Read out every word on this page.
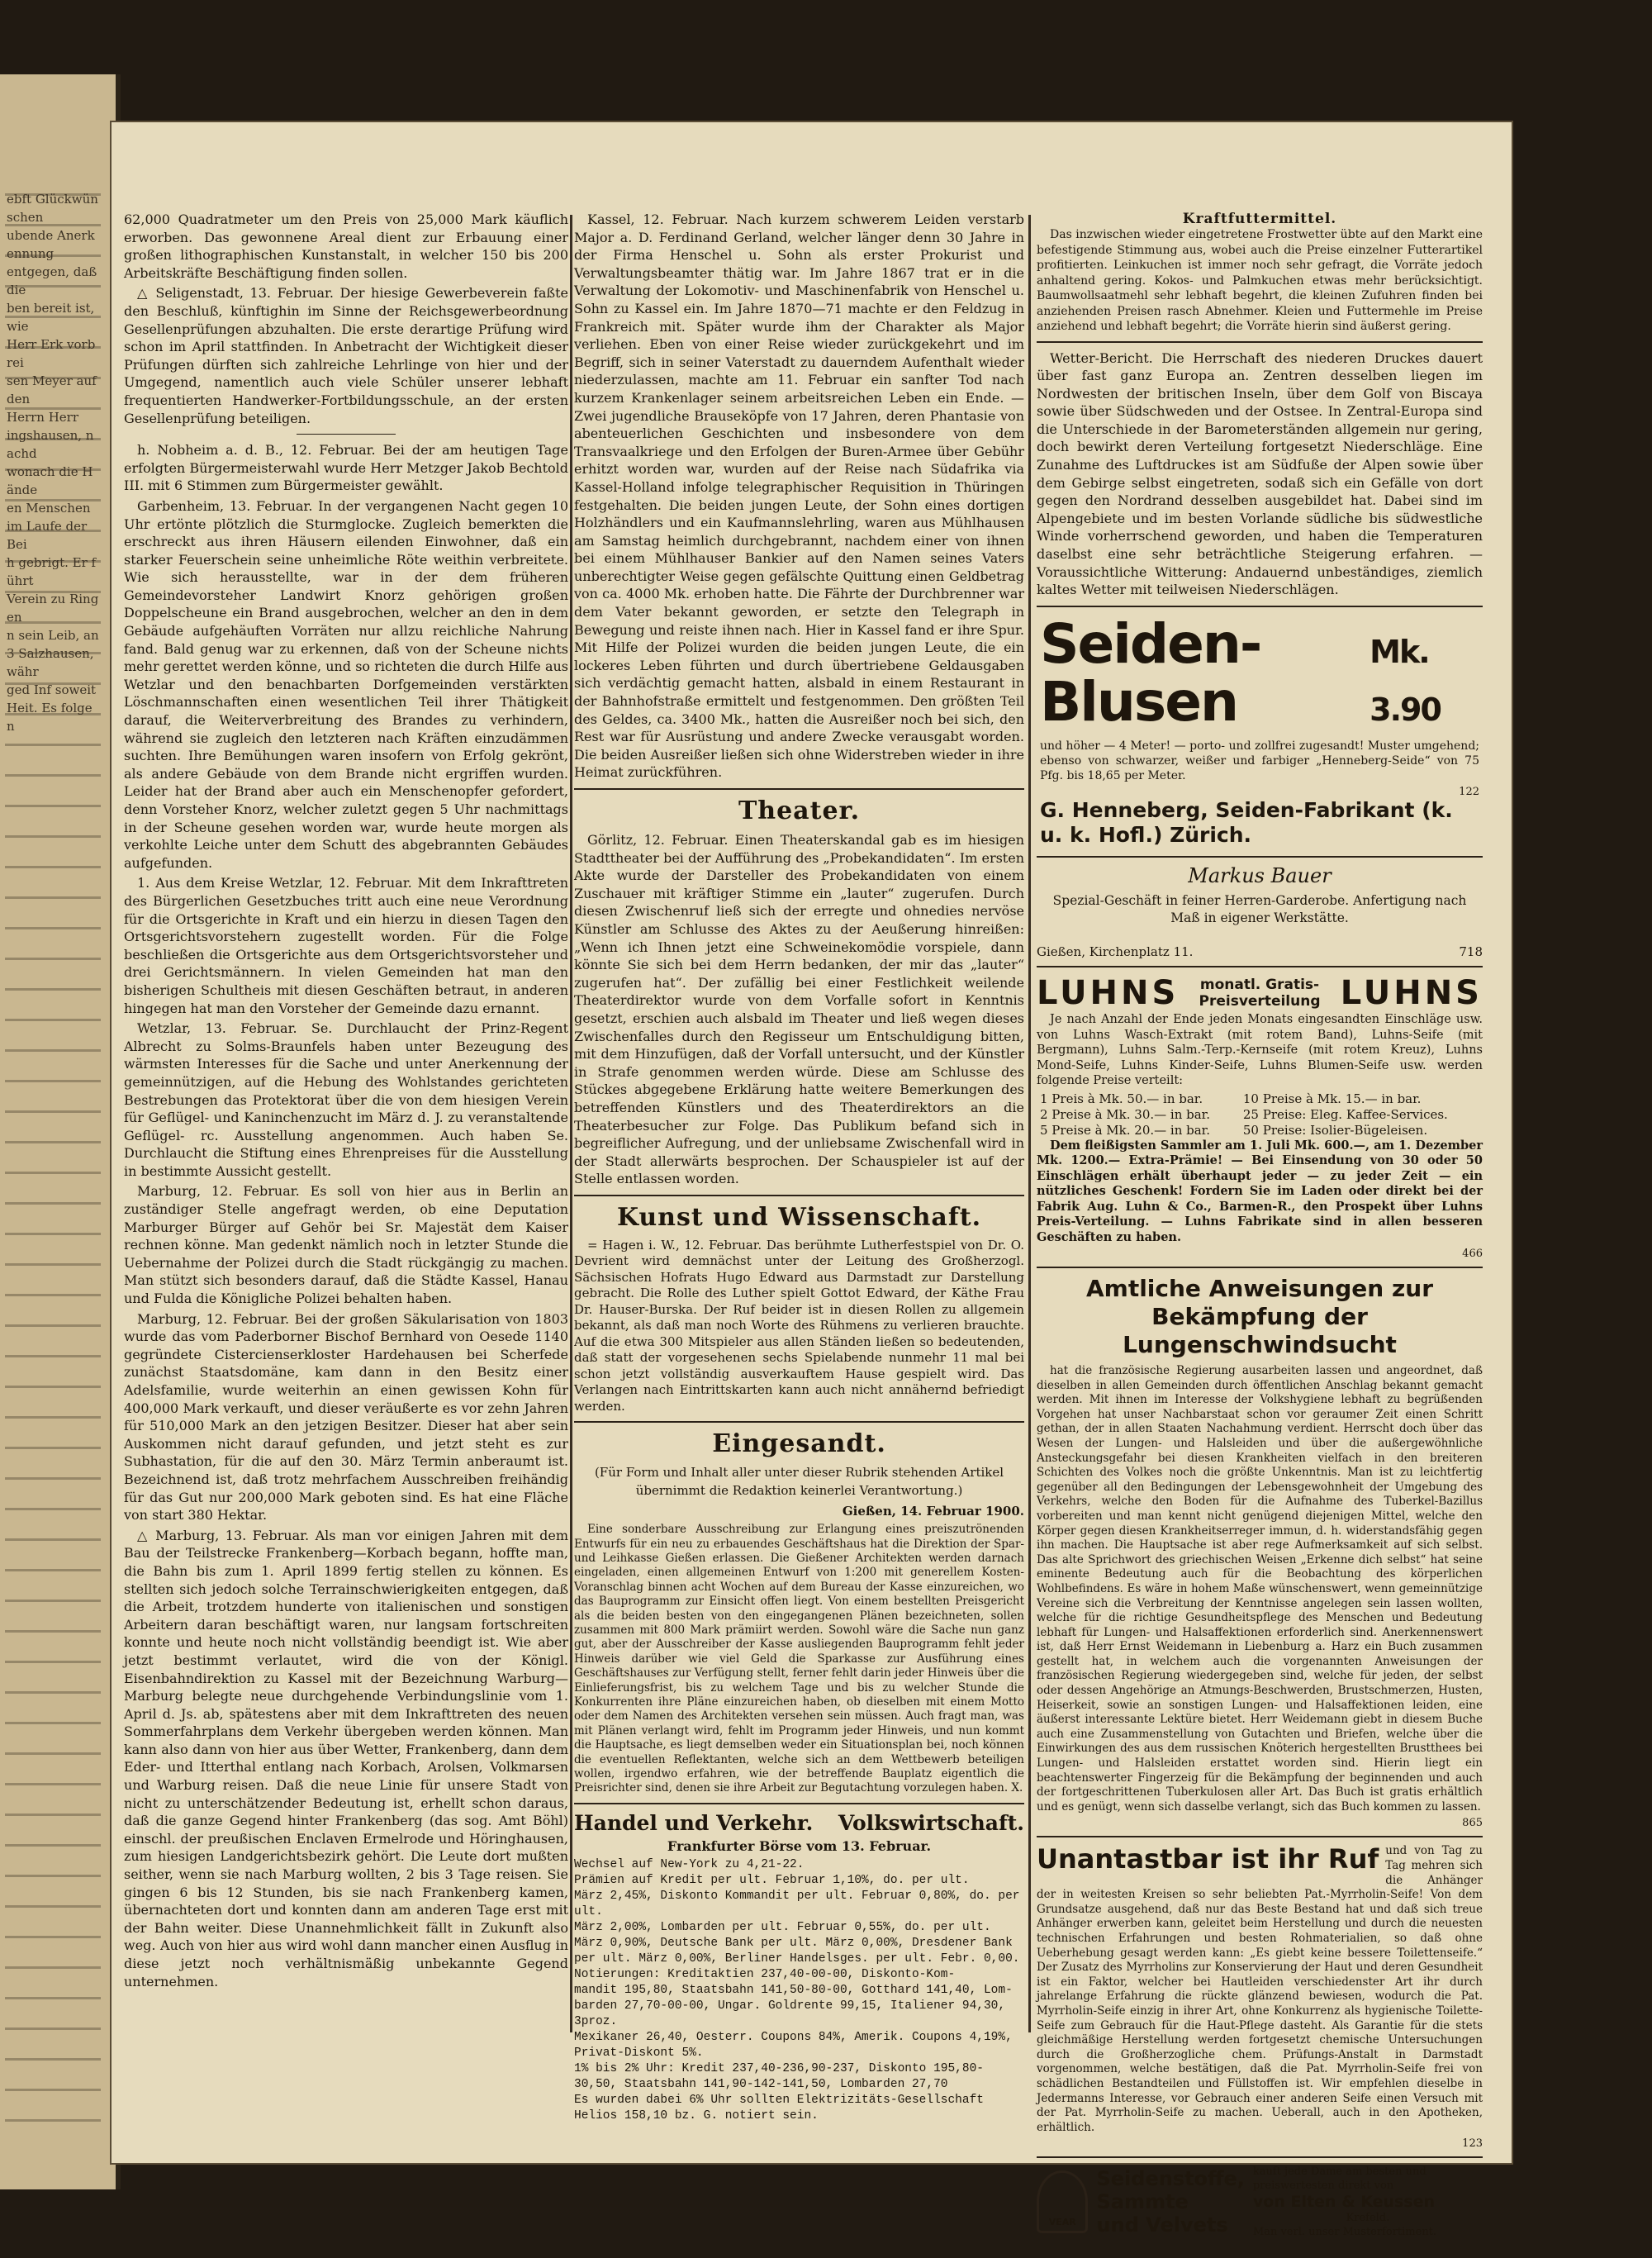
ebft Glückwünschen
ubende Anerkennung
entgegen, daß die
ben bereit ist, wie
Herr Erk vorbrei
sen Meyer auf den
Herrn Herr
ingshausen, nachd
wonach die Hände
en Menschen
im Laufe der Bei
h gebrigt. Er führt
Verein zu Ringen
n sein Leib, an
3 Salzhausen, währ
ged Inf soweit
Heit. Es folgen

62,000 Quadratmeter um den Preis von 25,000 Mark käuflich erworben. Das gewonnene Areal dient zur Erbauung einer großen lithographischen Kunstanstalt, in welcher 150 bis 200 Arbeitskräfte Beschäftigung finden sollen.

△ Seligenstadt, 13. Februar. Der hiesige Gewerbeverein faßte den Beschluß, künftighin im Sinne der Reichsgewerbeordnung Gesellenprüfungen abzuhalten. Die erste derartige Prüfung wird schon im April stattfinden. In Anbetracht der Wichtigkeit dieser Prüfungen dürften sich zahlreiche Lehrlinge von hier und der Umgegend, namentlich auch viele Schüler unserer lebhaft frequentierten Handwerker-Fortbildungsschule, an der ersten Gesellenprüfung beteiligen.

h. Nobheim a. d. B., 12. Februar. Bei der am heutigen Tage erfolgten Bürgermeisterwahl wurde Herr Metzger Jakob Bechtold III. mit 6 Stimmen zum Bürgermeister gewählt.

Garbenheim, 13. Februar. In der vergangenen Nacht gegen 10 Uhr ertönte plötzlich die Sturmglocke. Zugleich bemerkten die erschreckt aus ihren Häusern eilenden Einwohner, daß ein starker Feuerschein seine unheimliche Röte weithin verbreitete. Wie sich herausstellte, war in der dem früheren Gemeindevorsteher Landwirt Knorz gehörigen großen Doppelscheune ein Brand ausgebrochen, welcher an den in dem Gebäude aufgehäuften Vorräten nur allzu reichliche Nahrung fand. Bald genug war zu erkennen, daß von der Scheune nichts mehr gerettet werden könne, und so richteten die durch Hilfe aus Wetzlar und den benachbarten Dorfgemeinden verstärkten Löschmannschaften einen wesentlichen Teil ihrer Thätigkeit darauf, die Weiterverbreitung des Brandes zu verhindern, während sie zugleich den letzteren nach Kräften einzudämmen suchten. Ihre Bemühungen waren insofern von Erfolg gekrönt, als andere Gebäude von dem Brande nicht ergriffen wurden. Leider hat der Brand aber auch ein Menschenopfer gefordert, denn Vorsteher Knorz, welcher zuletzt gegen 5 Uhr nachmittags in der Scheune gesehen worden war, wurde heute morgen als verkohlte Leiche unter dem Schutt des abgebrannten Gebäudes aufgefunden.

1. Aus dem Kreise Wetzlar, 12. Februar. Mit dem Inkrafttreten des Bürgerlichen Gesetzbuches tritt auch eine neue Verordnung für die Ortsgerichte in Kraft und ein hierzu in diesen Tagen den Ortsgerichtsvorstehern zugestellt worden. Für die Folge beschließen die Ortsgerichte aus dem Ortsgerichtsvorsteher und drei Gerichtsmännern. In vielen Gemeinden hat man den bisherigen Schultheis mit diesen Geschäften betraut, in anderen hingegen hat man den Vorsteher der Gemeinde dazu ernannt.

Wetzlar, 13. Februar. Se. Durchlaucht der Prinz-Regent Albrecht zu Solms-Braunfels haben unter Bezeugung des wärmsten Interesses für die Sache und unter Anerkennung der gemeinnützigen, auf die Hebung des Wohlstandes gerichteten Bestrebungen das Protektorat über die von dem hiesigen Verein für Geflügel- und Kaninchenzucht im März d. J. zu veranstaltende Geflügel- rc. Ausstellung angenommen. Auch haben Se. Durchlaucht die Stiftung eines Ehrenpreises für die Ausstellung in bestimmte Aussicht gestellt.

Marburg, 12. Februar. Es soll von hier aus in Berlin an zuständiger Stelle angefragt werden, ob eine Deputation Marburger Bürger auf Gehör bei Sr. Majestät dem Kaiser rechnen könne. Man gedenkt nämlich noch in letzter Stunde die Uebernahme der Polizei durch die Stadt rückgängig zu machen. Man stützt sich besonders darauf, daß die Städte Kassel, Hanau und Fulda die Königliche Polizei behalten haben.

Marburg, 12. Februar. Bei der großen Säkularisation von 1803 wurde das vom Paderborner Bischof Bernhard von Oesede 1140 gegründete Cistercienserkloster Hardehausen bei Scherfede zunächst Staatsdomäne, kam dann in den Besitz einer Adelsfamilie, wurde weiterhin an einen gewissen Kohn für 400,000 Mark verkauft, und dieser veräußerte es vor zehn Jahren für 510,000 Mark an den jetzigen Besitzer. Dieser hat aber sein Auskommen nicht darauf gefunden, und jetzt steht es zur Subhastation, für die auf den 30. März Termin anberaumt ist. Bezeichnend ist, daß trotz mehrfachem Ausschreiben freihändig für das Gut nur 200,000 Mark geboten sind. Es hat eine Fläche von start 380 Hektar.

△ Marburg, 13. Februar. Als man vor einigen Jahren mit dem Bau der Teilstrecke Frankenberg—Korbach begann, hoffte man, die Bahn bis zum 1. April 1899 fertig stellen zu können. Es stellten sich jedoch solche Terrainschwierigkeiten entgegen, daß die Arbeit, trotzdem hunderte von italienischen und sonstigen Arbeitern daran beschäftigt waren, nur langsam fortschreiten konnte und heute noch nicht vollständig beendigt ist. Wie aber jetzt bestimmt verlautet, wird die von der Königl. Eisenbahndirektion zu Kassel mit der Bezeichnung Warburg—Marburg belegte neue durchgehende Verbindungslinie vom 1. April d. Js. ab, spätestens aber mit dem Inkrafttreten des neuen Sommerfahrplans dem Verkehr übergeben werden können. Man kann also dann von hier aus über Wetter, Frankenberg, dann dem Eder- und Itterthal entlang nach Korbach, Arolsen, Volkmarsen und Warburg reisen. Daß die neue Linie für unsere Stadt von nicht zu unterschätzender Bedeutung ist, erhellt schon daraus, daß die ganze Gegend hinter Frankenberg (das sog. Amt Böhl) einschl. der preußischen Enclaven Ermelrode und Höringhausen, zum hiesigen Landgerichtsbezirk gehört. Die Leute dort mußten seither, wenn sie nach Marburg wollten, 2 bis 3 Tage reisen. Sie gingen 6 bis 12 Stunden, bis sie nach Frankenberg kamen, übernachteten dort und konnten dann am anderen Tage erst mit der Bahn weiter. Diese Unannehmlichkeit fällt in Zukunft also weg. Auch von hier aus wird wohl dann mancher einen Ausflug in diese jetzt noch verhältnismäßig unbekannte Gegend unternehmen.

Kassel, 12. Februar. Nach kurzem schwerem Leiden verstarb Major a. D. Ferdinand Gerland, welcher länger denn 30 Jahre in der Firma Henschel u. Sohn als erster Prokurist und Verwaltungsbeamter thätig war. Im Jahre 1867 trat er in die Verwaltung der Lokomotiv- und Maschinenfabrik von Henschel u. Sohn zu Kassel ein. Im Jahre 1870—71 machte er den Feldzug in Frankreich mit. Später wurde ihm der Charakter als Major verliehen. Eben von einer Reise wieder zurückgekehrt und im Begriff, sich in seiner Vaterstadt zu dauerndem Aufenthalt wieder niederzulassen, machte am 11. Februar ein sanfter Tod nach kurzem Krankenlager seinem arbeitsreichen Leben ein Ende. — Zwei jugendliche Brauseköpfe von 17 Jahren, deren Phantasie von abenteuerlichen Geschichten und insbesondere von dem Transvaalkriege und den Erfolgen der Buren-Armee über Gebühr erhitzt worden war, wurden auf der Reise nach Südafrika via Kassel-Holland infolge telegraphischer Requisition in Thüringen festgehalten. Die beiden jungen Leute, der Sohn eines dortigen Holzhändlers und ein Kaufmannslehrling, waren aus Mühlhausen am Samstag heimlich durchgebrannt, nachdem einer von ihnen bei einem Mühlhauser Bankier auf den Namen seines Vaters unberechtigter Weise gegen gefälschte Quittung einen Geldbetrag von ca. 4000 Mk. erhoben hatte. Die Fährte der Durchbrenner war dem Vater bekannt geworden, er setzte den Telegraph in Bewegung und reiste ihnen nach. Hier in Kassel fand er ihre Spur. Mit Hilfe der Polizei wurden die beiden jungen Leute, die ein lockeres Leben führten und durch übertriebene Geldausgaben sich verdächtig gemacht hatten, alsbald in einem Restaurant in der Bahnhofstraße ermittelt und festgenommen. Den größten Teil des Geldes, ca. 3400 Mk., hatten die Ausreißer noch bei sich, den Rest war für Ausrüstung und andere Zwecke verausgabt worden. Die beiden Ausreißer ließen sich ohne Widerstreben wieder in ihre Heimat zurückführen.

Theater.

Görlitz, 12. Februar. Einen Theaterskandal gab es im hiesigen Stadttheater bei der Aufführung des „Probekandidaten“. Im ersten Akte wurde der Darsteller des Probekandidaten von einem Zuschauer mit kräftiger Stimme ein „lauter“ zugerufen. Durch diesen Zwischenruf ließ sich der erregte und ohnedies nervöse Künstler am Schlusse des Aktes zu der Aeußerung hinreißen: „Wenn ich Ihnen jetzt eine Schweinekomödie vorspiele, dann könnte Sie sich bei dem Herrn bedanken, der mir das „lauter“ zugerufen hat“. Der zufällig bei einer Festlichkeit weilende Theaterdirektor wurde von dem Vorfalle sofort in Kenntnis gesetzt, erschien auch alsbald im Theater und ließ wegen dieses Zwischenfalles durch den Regisseur um Entschuldigung bitten, mit dem Hinzufügen, daß der Vorfall untersucht, und der Künstler in Strafe genommen werden würde. Diese am Schlusse des Stückes abgegebene Erklärung hatte weitere Bemerkungen des betreffenden Künstlers und des Theaterdirektors an die Theaterbesucher zur Folge. Das Publikum befand sich in begreiflicher Aufregung, und der unliebsame Zwischenfall wird in der Stadt allerwärts besprochen. Der Schauspieler ist auf der Stelle entlassen worden.

Kunst und Wissenschaft.

= Hagen i. W., 12. Februar. Das berühmte Lutherfestspiel von Dr. O. Devrient wird demnächst unter der Leitung des Großherzogl. Sächsischen Hofrats Hugo Edward aus Darmstadt zur Darstellung gebracht. Die Rolle des Luther spielt Gottot Edward, der Käthe Frau Dr. Hauser-Burska. Der Ruf beider ist in diesen Rollen zu allgemein bekannt, als daß man noch Worte des Rühmens zu verlieren brauchte. Auf die etwa 300 Mitspieler aus allen Ständen ließen so bedeutenden, daß statt der vorgesehenen sechs Spielabende nunmehr 11 mal bei schon jetzt vollständig ausverkauftem Hause gespielt wird. Das Verlangen nach Eintrittskarten kann auch nicht annähernd befriedigt werden.

Eingesandt.

(Für Form und Inhalt aller unter dieser Rubrik stehenden Artikel übernimmt die Redaktion keinerlei Verantwortung.)

Gießen, 14. Februar 1900.

Eine sonderbare Ausschreibung zur Erlangung eines preiszutrönenden Entwurfs für ein neu zu erbauendes Geschäftshaus hat die Direktion der Spar- und Leihkasse Gießen erlassen. Die Gießener Architekten werden darnach eingeladen, einen allgemeinen Entwurf von 1:200 mit generellem Kosten-Voranschlag binnen acht Wochen auf dem Bureau der Kasse einzureichen, wo das Bauprogramm zur Einsicht offen liegt. Von einem bestellten Preisgericht als die beiden besten von den eingegangenen Plänen bezeichneten, sollen zusammen mit 800 Mark prämiirt werden. Sowohl wäre die Sache nun ganz gut, aber der Ausschreiber der Kasse ausliegenden Bauprogramm fehlt jeder Hinweis darüber wie viel Geld die Sparkasse zur Ausführung eines Geschäftshauses zur Verfügung stellt, ferner fehlt darin jeder Hinweis über die Einlieferungsfrist, bis zu welchem Tage und bis zu welcher Stunde die Konkurrenten ihre Pläne einzureichen haben, ob dieselben mit einem Motto oder dem Namen des Architekten versehen sein müssen. Auch fragt man, was mit Plänen verlangt wird, fehlt im Programm jeder Hinweis, und nun kommt die Hauptsache, es liegt demselben weder ein Situationsplan bei, noch können die eventuellen Reflektanten, welche sich an dem Wettbewerb beteiligen wollen, irgendwo erfahren, wie der betreffende Bauplatz eigentlich die Preisrichter sind, denen sie ihre Arbeit zur Begutachtung vorzulegen haben. X.

Handel und Verkehr. Volkswirtschaft.
Frankfurter Börse vom 13. Februar.
Wechsel auf New-York zu 4,21-22.
Prämien auf Kredit per ult. Februar 1,10%, do. per ult.
März 2,45%, Diskonto Kommandit per ult. Februar 0,80%, do. per ult.
März 2,00%, Lombarden per ult. Februar 0,55%, do. per ult.
März 0,90%, Deutsche Bank per ult. März 0,00%, Dresdener Bank
per ult. März 0,00%, Berliner Handelsges. per ult. Febr. 0,00.
Notierungen: Kreditaktien 237,40-00-00, Diskonto-Kom-
mandit 195,80, Staatsbahn 141,50-80-00, Gotthard 141,40, Lom-
barden 27,70-00-00, Ungar. Goldrente 99,15, Italiener 94,30, 3proz.
Mexikaner 26,40, Oesterr. Coupons 84%, Amerik. Coupons 4,19%,
Privat-Diskont 5%.
1% bis 2% Uhr: Kredit 237,40-236,90-237, Diskonto 195,80-
30,50, Staatsbahn 141,90-142-141,50, Lombarden 27,70
Es wurden dabei 6% Uhr sollten Elektrizitäts-Gesellschaft
Helios 158,10 bz. G. notiert sein.
Kraftfuttermittel.

Das inzwischen wieder eingetretene Frostwetter übte auf den Markt eine befestigende Stimmung aus, wobei auch die Preise einzelner Futterartikel profitierten. Leinkuchen ist immer noch sehr gefragt, die Vorräte jedoch anhaltend gering. Kokos- und Palmkuchen etwas mehr berücksichtigt. Baumwollsaatmehl sehr lebhaft begehrt, die kleinen Zufuhren finden bei anziehenden Preisen rasch Abnehmer. Kleien und Futtermehle im Preise anziehend und lebhaft begehrt; die Vorräte hierin sind äußerst gering.

Wetter-Bericht. Die Herrschaft des niederen Druckes dauert über fast ganz Europa an. Zentren desselben liegen im Nordwesten der britischen Inseln, über dem Golf von Biscaya sowie über Südschweden und der Ostsee. In Zentral-Europa sind die Unterschiede in der Barometerständen allgemein nur gering, doch bewirkt deren Verteilung fortgesetzt Niederschläge. Eine Zunahme des Luftdruckes ist am Südfuße der Alpen sowie über dem Gebirge selbst eingetreten, sodaß sich ein Gefälle von dort gegen den Nordrand desselben ausgebildet hat. Dabei sind im Alpengebiete und im besten Vorlande südliche bis südwestliche Winde vorherrschend geworden, und haben die Temperaturen daselbst eine sehr beträchtliche Steigerung erfahren. — Voraussichtliche Witterung: Andauernd unbeständiges, ziemlich kaltes Wetter mit teilweisen Niederschlägen.

Seiden-Blusen
Mk. 3.90

und höher — 4 Meter! — porto- und zollfrei zugesandt! Muster umgehend; ebenso von schwarzer, weißer und farbiger „Henneberg-Seide“ von 75 Pfg. bis 18,65 per Meter.

122
G. Henneberg, Seiden-Fabrikant (k. u. k. Hofl.) Zürich.
Markus Bauer

Spezial-Geschäft in feiner Herren-Garderobe. Anfertigung nach Maß in eigener Werkstätte.

Gießen, Kirchenplatz 11.	718
LUHNS monatl. Gratis-Preisverteilung LUHNS

Je nach Anzahl der Ende jeden Monats eingesandten Einschläge usw. von Luhns Wasch-Extrakt (mit rotem Band), Luhns-Seife (mit Bergmann), Luhns Salm.-Terp.-Kernseife (mit rotem Kreuz), Luhns Mond-Seife, Luhns Kinder-Seife, Luhns Blumen-Seife usw. werden folgende Preise verteilt:

1 Preis à Mk. 50.— in bar.	10 Preise à Mk. 15.— in bar.
2 Preise à Mk. 30.— in bar.	25 Preise: Eleg. Kaffee-Services.
5 Preise à Mk. 20.— in bar.	50 Preise: Isolier-Bügeleisen.

Dem fleißigsten Sammler am 1. Juli Mk. 600.—, am 1. Dezember Mk. 1200.— Extra-Prämie! — Bei Einsendung von 30 oder 50 Einschlägen erhält überhaupt jeder — zu jeder Zeit — ein nützliches Geschenk! Fordern Sie im Laden oder direkt bei der Fabrik Aug. Luhn & Co., Barmen-R., den Prospekt über Luhns Preis-Verteilung. — Luhns Fabrikate sind in allen besseren Geschäften zu haben.

466
Amtliche Anweisungen zur Bekämpfung der Lungenschwindsucht

hat die französische Regierung ausarbeiten lassen und angeordnet, daß dieselben in allen Gemeinden durch öffentlichen Anschlag bekannt gemacht werden. Mit ihnen im Interesse der Volkshygiene lebhaft zu begrüßenden Vorgehen hat unser Nachbarstaat schon vor geraumer Zeit einen Schritt gethan, der in allen Staaten Nachahmung verdient. Herrscht doch über das Wesen der Lungen- und Halsleiden und über die außergewöhnliche Ansteckungsgefahr bei diesen Krankheiten vielfach in den breiteren Schichten des Volkes noch die größte Unkenntnis. Man ist zu leichtfertig gegenüber all den Bedingungen der Lebensgewohnheit der Umgebung des Verkehrs, welche den Boden für die Aufnahme des Tuberkel-Bazillus vorbereiten und man kennt nicht genügend diejenigen Mittel, welche den Körper gegen diesen Krankheitserreger immun, d. h. widerstandsfähig gegen ihn machen. Die Hauptsache ist aber rege Aufmerksamkeit auf sich selbst. Das alte Sprichwort des griechischen Weisen „Erkenne dich selbst“ hat seine eminente Bedeutung auch für die Beobachtung des körperlichen Wohlbefindens. Es wäre in hohem Maße wünschenswert, wenn gemeinnützige Vereine sich die Verbreitung der Kenntnisse angelegen sein lassen wollten, welche für die richtige Gesundheitspflege des Menschen und Bedeutung lebhaft für Lungen- und Halsaffektionen erforderlich sind. Anerkennenswert ist, daß Herr Ernst Weidemann in Liebenburg a. Harz ein Buch zusammen gestellt hat, in welchem auch die vorgenannten Anweisungen der französischen Regierung wiedergegeben sind, welche für jeden, der selbst oder dessen Angehörige an Atmungs-Beschwerden, Brustschmerzen, Husten, Heiserkeit, sowie an sonstigen Lungen- und Halsaffektionen leiden, eine äußerst interessante Lektüre bietet. Herr Weidemann giebt in diesem Buche auch eine Zusammenstellung von Gutachten und Briefen, welche über die Einwirkungen des aus dem russischen Knöterich hergestellten Brustthees bei Lungen- und Halsleiden erstattet worden sind. Hierin liegt ein beachtenswerter Fingerzeig für die Bekämpfung der beginnenden und auch der fortgeschrittenen Tuberkulosen aller Art. Das Buch ist gratis erhältlich und es genügt, wenn sich dasselbe verlangt, sich das Buch kommen zu lassen.

865
Unantastbar ist ihr Ruf und von Tag zu Tag mehren sich die Anhänger der in weitesten Kreisen so sehr beliebten Pat.-Myrrholin-Seife! Von dem Grundsatze ausgehend, daß nur das Beste Bestand hat und daß sich treue Anhänger erwerben kann, geleitet beim Herstellung und durch die neuesten technischen Erfahrungen und besten Rohmaterialien, so daß ohne Ueberhebung gesagt werden kann: „Es giebt keine bessere Toilettenseife.“ Der Zusatz des Myrrholins zur Konservierung der Haut und deren Gesundheit ist ein Faktor, welcher bei Hautleiden verschiedenster Art ihr durch jahrelange Erfahrung die rückte glänzend bewiesen, wodurch die Pat. Myrrholin-Seife einzig in ihrer Art, ohne Konkurrenz als hygienische Toilette-Seife zum Gebrauch für die Haut-Pflege dasteht. Als Garantie für die stets gleichmäßige Herstellung werden fortgesetzt chemische Untersuchungen durch die Großherzogliche chem. Prüfungs-Anstalt in Darmstadt vorgenommen, welche bestätigen, daß die Pat. Myrrholin-Seife frei von schädlichen Bestandteilen und Füllstoffen ist. Wir empfehlen dieselbe in Jedermanns Interesse, vor Gebrauch einer anderen Seife einen Versuch mit der Pat. Myrrholin-Seife zu machen. Ueberall, auch in den Apotheken, erhältlich.

123
VEAR
Seidenstoffe,
Sammte
und Velvets
kauft jede Dame am besten und preiswertesten direkt von
von Elten & Keussen
Krefeld.
Man verl. unser Musterfortiment.
